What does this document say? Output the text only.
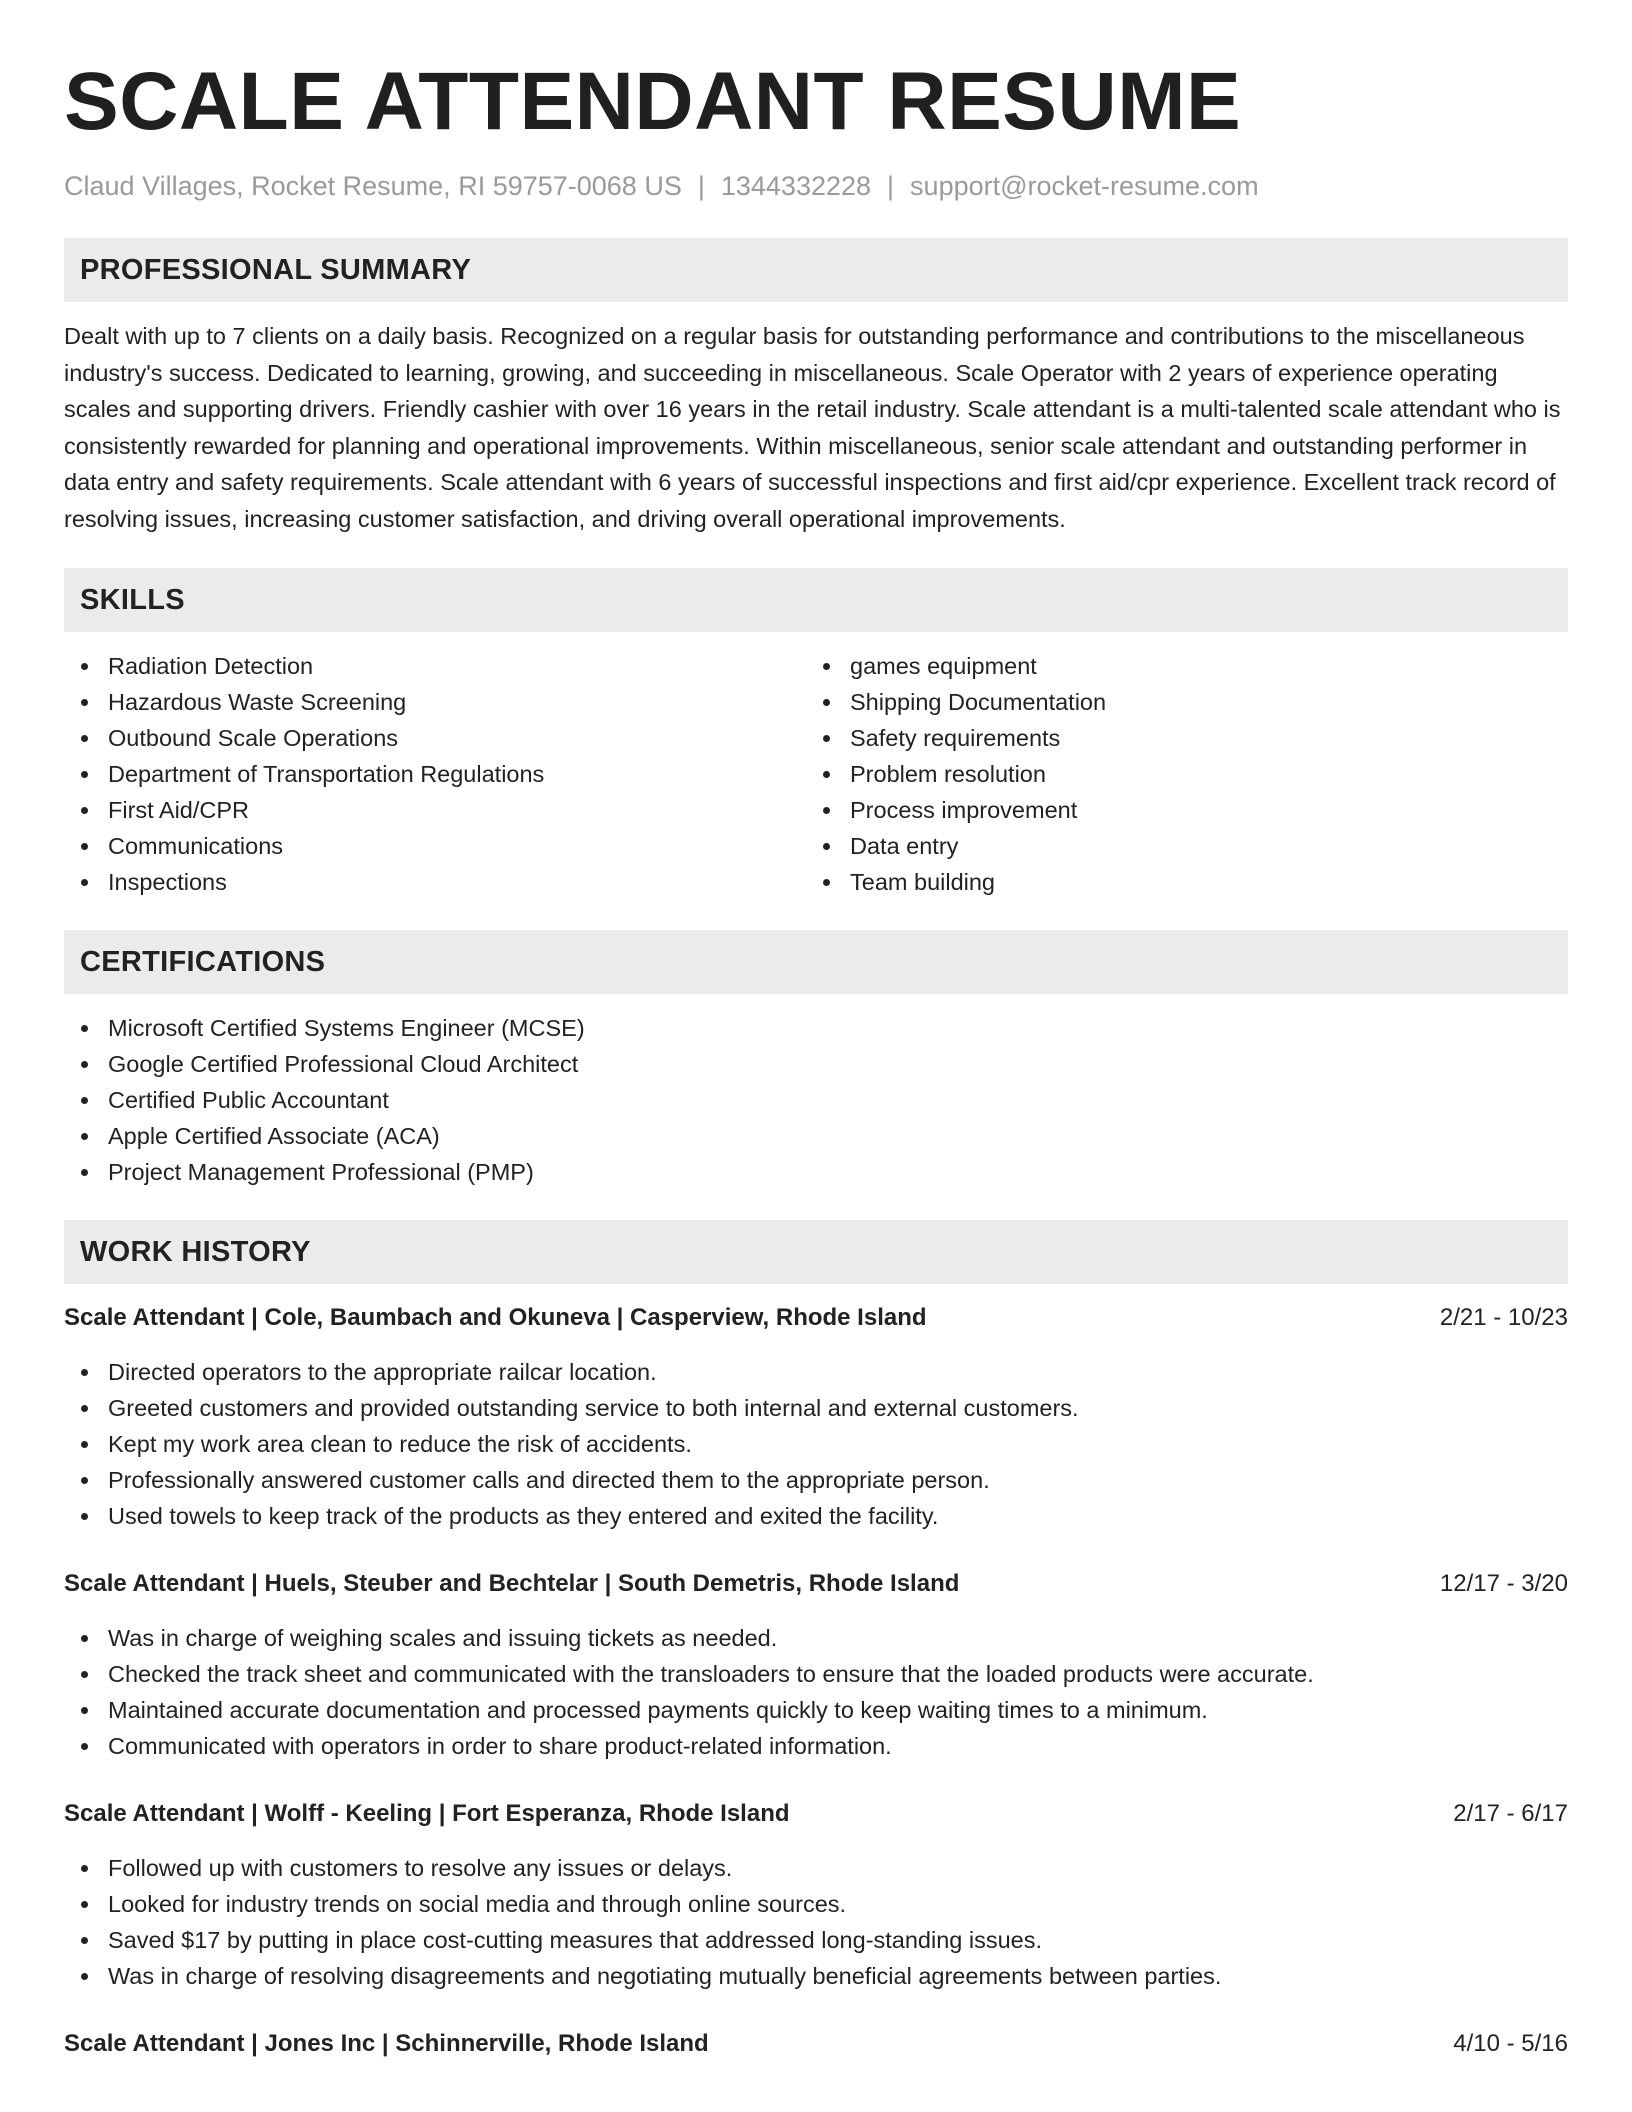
SCALE ATTENDANT RESUME
Claud Villages, Rocket Resume, RI 59757-0068 US | 1344332228 | support@rocket-resume.com
PROFESSIONAL SUMMARY
Dealt with up to 7 clients on a daily basis. Recognized on a regular basis for outstanding performance and contributions to the miscellaneous industry's success. Dedicated to learning, growing, and succeeding in miscellaneous. Scale Operator with 2 years of experience operating scales and supporting drivers. Friendly cashier with over 16 years in the retail industry. Scale attendant is a multi-talented scale attendant who is consistently rewarded for planning and operational improvements. Within miscellaneous, senior scale attendant and outstanding performer in data entry and safety requirements. Scale attendant with 6 years of successful inspections and first aid/cpr experience. Excellent track record of resolving issues, increasing customer satisfaction, and driving overall operational improvements.
SKILLS
Radiation Detection
Hazardous Waste Screening
Outbound Scale Operations
Department of Transportation Regulations
First Aid/CPR
Communications
Inspections
games equipment
Shipping Documentation
Safety requirements
Problem resolution
Process improvement
Data entry
Team building
CERTIFICATIONS
Microsoft Certified Systems Engineer (MCSE)
Google Certified Professional Cloud Architect
Certified Public Accountant
Apple Certified Associate (ACA)
Project Management Professional (PMP)
WORK HISTORY
Scale Attendant | Cole, Baumbach and Okuneva | Casperview, Rhode Island	2/21 - 10/23
Directed operators to the appropriate railcar location.
Greeted customers and provided outstanding service to both internal and external customers.
Kept my work area clean to reduce the risk of accidents.
Professionally answered customer calls and directed them to the appropriate person.
Used towels to keep track of the products as they entered and exited the facility.
Scale Attendant | Huels, Steuber and Bechtelar | South Demetris, Rhode Island	12/17 - 3/20
Was in charge of weighing scales and issuing tickets as needed.
Checked the track sheet and communicated with the transloaders to ensure that the loaded products were accurate.
Maintained accurate documentation and processed payments quickly to keep waiting times to a minimum.
Communicated with operators in order to share product-related information.
Scale Attendant | Wolff - Keeling | Fort Esperanza, Rhode Island	2/17 - 6/17
Followed up with customers to resolve any issues or delays.
Looked for industry trends on social media and through online sources.
Saved $17 by putting in place cost-cutting measures that addressed long-standing issues.
Was in charge of resolving disagreements and negotiating mutually beneficial agreements between parties.
Scale Attendant | Jones Inc | Schinnerville, Rhode Island	4/10 - 5/16
